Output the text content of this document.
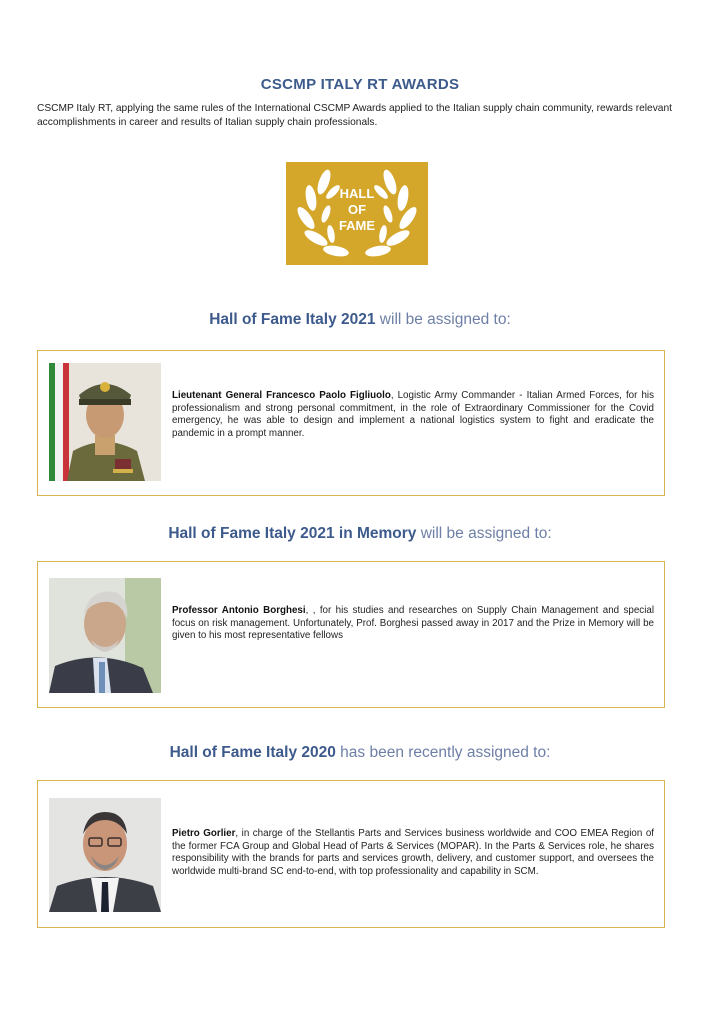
CSCMP ITALY RT AWARDS
CSCMP Italy RT, applying the same rules of the International CSCMP Awards applied to the Italian supply chain community, rewards relevant accomplishments in career and results of Italian supply chain professionals.
HALL
OF
FAME
Hall of Fame Italy 2021 will be assigned to:
Lieutenant General Francesco Paolo Figliuolo, Logistic Army Commander - Italian Armed Forces, for his professionalism and strong personal commitment, in the role of Extraordinary Commissioner for the Covid emergency, he was able to design and implement a national logistics system to fight and eradicate the pandemic in a prompt manner.
Hall of Fame Italy 2021 in Memory will be assigned to:
Professor Antonio Borghesi, , for his studies and researches on Supply Chain Management and special focus on risk management. Unfortunately, Prof. Borghesi passed away in 2017 and the Prize in Memory will be given to his most representative fellows
Hall of Fame Italy 2020 has been recently assigned to:
Pietro Gorlier, in charge of the Stellantis Parts and Services business worldwide and COO EMEA Region of the former FCA Group and Global Head of Parts & Services (MOPAR). In the Parts & Services role, he shares responsibility with the brands for parts and services growth, delivery, and customer support, and oversees the worldwide multi-brand SC end-to-end, with top professionality and capability in SCM.
